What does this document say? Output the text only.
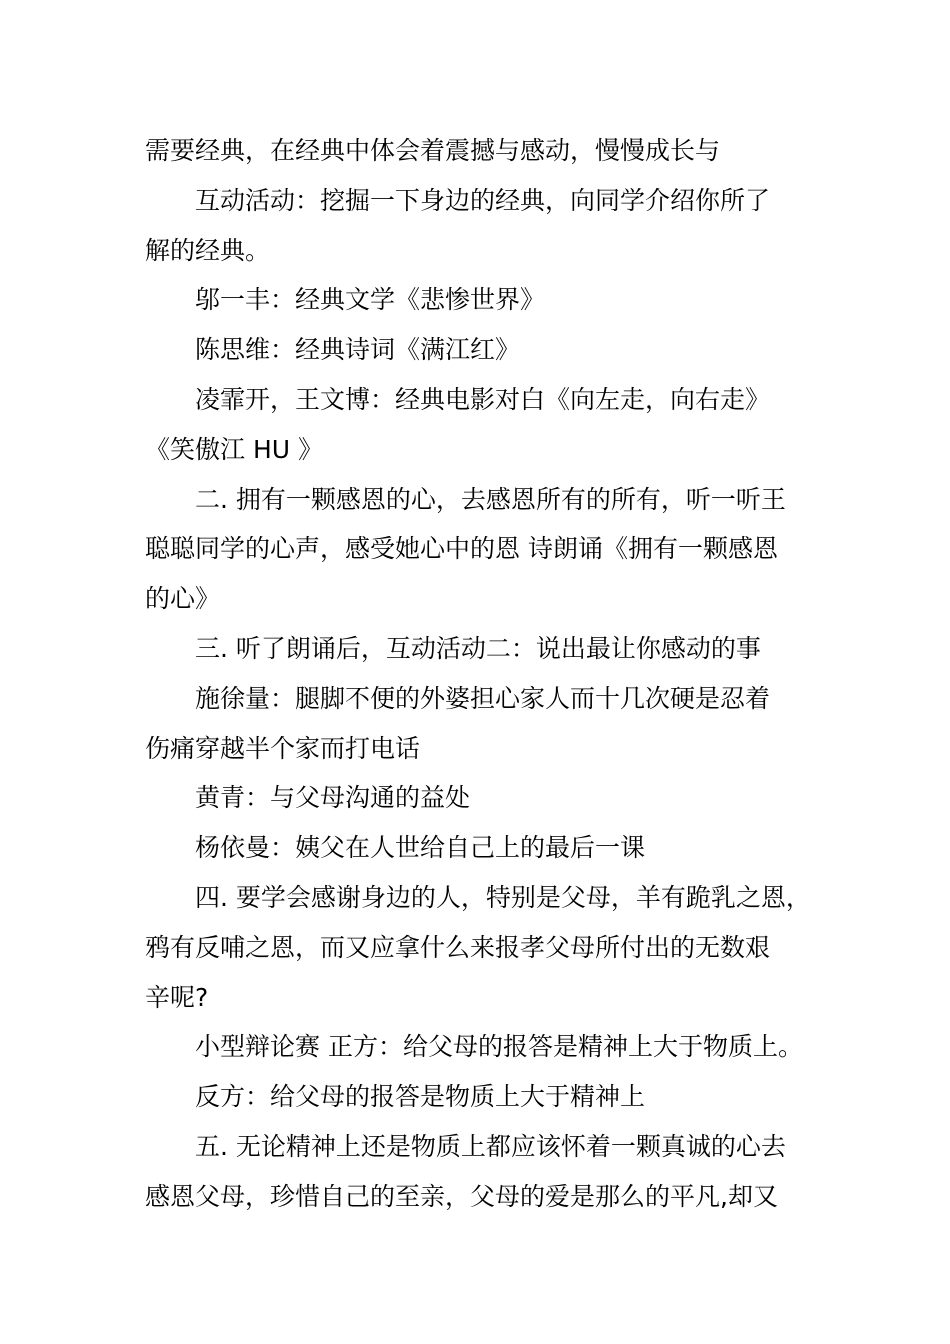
需要经典，在经典中体会着震撼与感动，慢慢成长与

互动活动：挖掘一下身边的经典，向同学介绍你所了

解的经典。

邬一丰：经典文学《悲惨世界》

陈思维：经典诗词《满江红》

凌霏开，王文博：经典电影对白《向左走，向右走》

《笑傲江 HU 》

二. 拥有一颗感恩的心，去感恩所有的所有，听一听王

聪聪同学的心声，感受她心中的恩 诗朗诵《拥有一颗感恩

的心》

三. 听了朗诵后，互动活动二：说出最让你感动的事

施徐量：腿脚不便的外婆担心家人而十几次硬是忍着

伤痛穿越半个家而打电话

黄青：与父母沟通的益处

杨依曼：姨父在人世给自己上的最后一课

四. 要学会感谢身边的人，特别是父母，羊有跪乳之恩，

鸦有反哺之恩，而又应拿什么来报孝父母所付出的无数艰

辛呢?

小型辩论赛 正方：给父母的报答是精神上大于物质上。

反方：给父母的报答是物质上大于精神上

五. 无论精神上还是物质上都应该怀着一颗真诚的心去

感恩父母，珍惜自己的至亲，父母的爱是那么的平凡,却又
